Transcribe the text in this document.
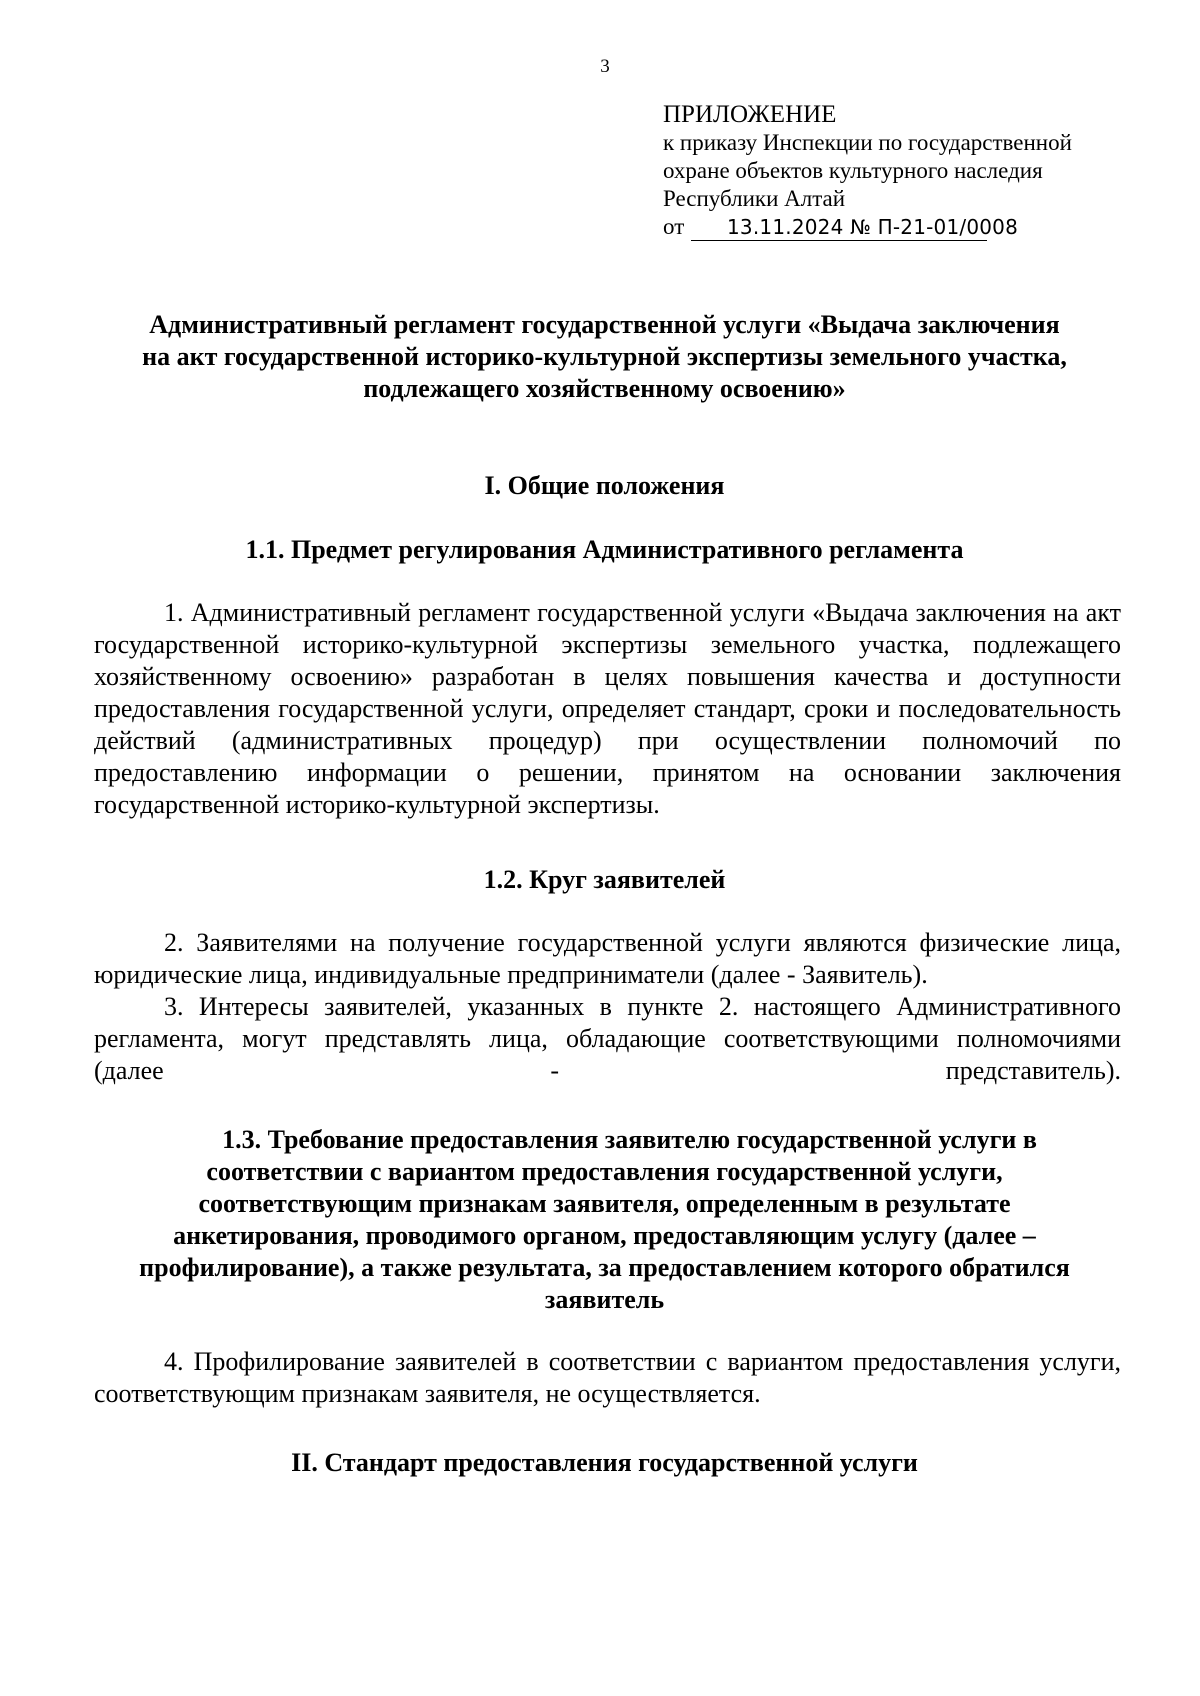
3
ПРИЛОЖЕНИЕ
к приказу Инспекции по государственной
охране объектов культурного наследия
Республики Алтай
от 13.11.2024 № П-21-01/0008
Административный регламент государственной услуги «Выдача заключения
на акт государственной историко-культурной экспертизы земельного участка,
подлежащего хозяйственному освоению»
I. Общие положения
1.1. Предмет регулирования Административного регламента
1. Административный регламент государственной услуги «Выдача заключения на акт государственной историко-культурной экспертизы земельного участка, подлежащего хозяйственному освоению» разработан в целях повышения качества и доступности предоставления государственной услуги, определяет стандарт, сроки и последовательность действий (административных процедур) при осуществлении полномочий по предоставлению информации о решении, принятом на основании заключения государственной историко-культурной экспертизы.
1.2. Круг заявителей
2. Заявителями на получение государственной услуги являются физические лица, юридические лица, индивидуальные предприниматели (далее - Заявитель).
3. Интересы заявителей, указанных в пункте 2. настоящего Административного регламента, могут представлять лица, обладающие соответствующими полномочиями (далее - представитель).
1.3. Требование предоставления заявителю государственной услуги в
соответствии с вариантом предоставления государственной услуги,
соответствующим признакам заявителя, определенным в результате
анкетирования, проводимого органом, предоставляющим услугу (далее –
профилирование), а также результата, за предоставлением которого обратился
заявитель
4. Профилирование заявителей в соответствии с вариантом предоставления услуги, соответствующим признакам заявителя, не осуществляется.
II. Стандарт предоставления государственной услуги
